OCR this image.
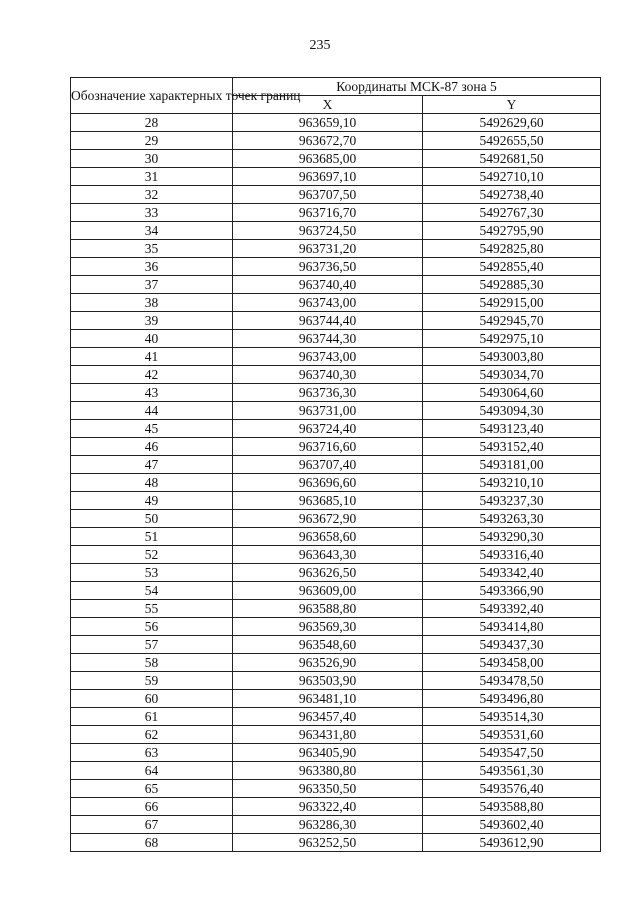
235
Обозначение характерных точек границ	Координаты МСК-87 зона 5	
	X	Y
28	963659,10	5492629,60
29	963672,70	5492655,50
30	963685,00	5492681,50
31	963697,10	5492710,10
32	963707,50	5492738,40
33	963716,70	5492767,30
34	963724,50	5492795,90
35	963731,20	5492825,80
36	963736,50	5492855,40
37	963740,40	5492885,30
38	963743,00	5492915,00
39	963744,40	5492945,70
40	963744,30	5492975,10
41	963743,00	5493003,80
42	963740,30	5493034,70
43	963736,30	5493064,60
44	963731,00	5493094,30
45	963724,40	5493123,40
46	963716,60	5493152,40
47	963707,40	5493181,00
48	963696,60	5493210,10
49	963685,10	5493237,30
50	963672,90	5493263,30
51	963658,60	5493290,30
52	963643,30	5493316,40
53	963626,50	5493342,40
54	963609,00	5493366,90
55	963588,80	5493392,40
56	963569,30	5493414,80
57	963548,60	5493437,30
58	963526,90	5493458,00
59	963503,90	5493478,50
60	963481,10	5493496,80
61	963457,40	5493514,30
62	963431,80	5493531,60
63	963405,90	5493547,50
64	963380,80	5493561,30
65	963350,50	5493576,40
66	963322,40	5493588,80
67	963286,30	5493602,40
68	963252,50	5493612,90
